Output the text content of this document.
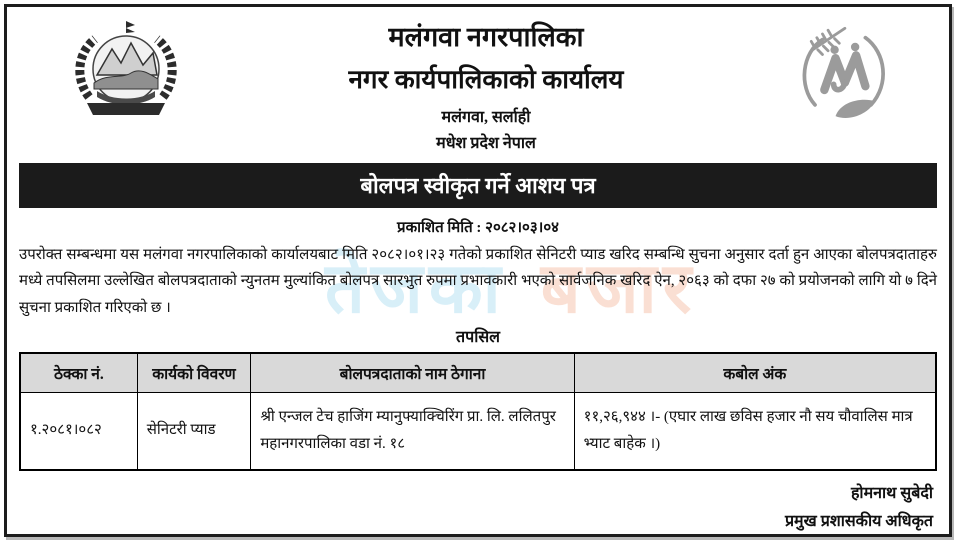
तेजका बजार
मलंगवा नगरपालिका
नगर कार्यपालिकाको कार्यालय
मलंगवा, सर्लाही
मधेश प्रदेश नेपाल
बोलपत्र स्वीकृत गर्ने आशय पत्र
प्रकाशित मिति : २०८२।०३।०४
उपरोक्त सम्बन्धमा यस मलंगवा नगरपालिकाको कार्यालयबाट मिति २०८२।०१।२३ गतेको प्रकाशित सेनिटरी प्याड खरिद सम्बन्धि सुचना अनुसार दर्ता हुन आएका बोलपत्रदाताहरु मध्ये तपसिलमा उल्लेखित बोलपत्रदाताको न्युनतम मुल्यांकित बोलपत्र सारभुत रुपमा प्रभावकारी भएको सार्वजनिक खरिद ऐन, २०६३ को दफा २७ को प्रयोजनको लागि यो ७ दिने सुचना प्रकाशित गरिएको छ ।
तपसिल
ठेक्का नं.	कार्यको विवरण	बोलपत्रदाताको नाम ठेगाना	कबोल अंक
१.२०८१।०८२	सेनिटरी प्याड	श्री एन्जल टेच हाजिंग म्यानुफ्याक्चिरिंग प्रा. लि. ललितपुर महानगरपालिका वडा नं. १८	११,२६,९४४ ।- (एघार लाख छविस हजार नौ सय चौवालिस मात्र भ्याट बाहेक ।)
होमनाथ सुबेदी
प्रमुख प्रशासकीय अधिकृत
